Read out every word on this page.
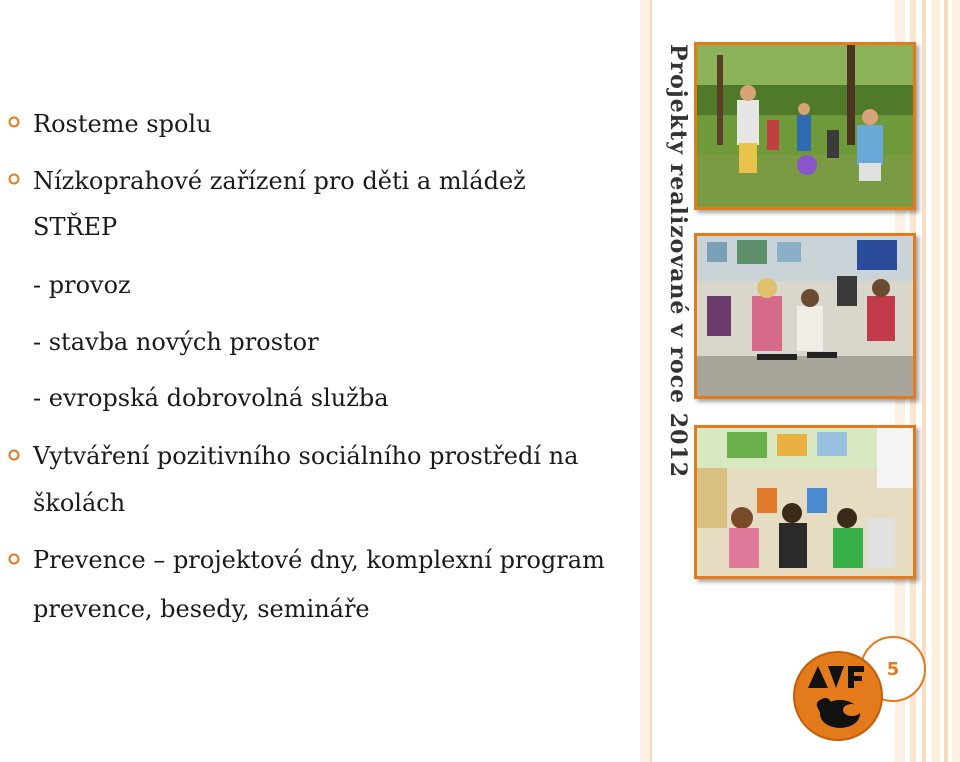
Rosteme spolu
Nízkoprahové zařízení pro děti a mládež
STŘEP
- provoz
- stavba nových prostor
- evropská dobrovolná služba
Vytváření pozitivního sociálního prostředí na
školách
Prevence – projektové dny, komplexní program
prevence, besedy, semináře
Projekty realizované v roce 2012
5
